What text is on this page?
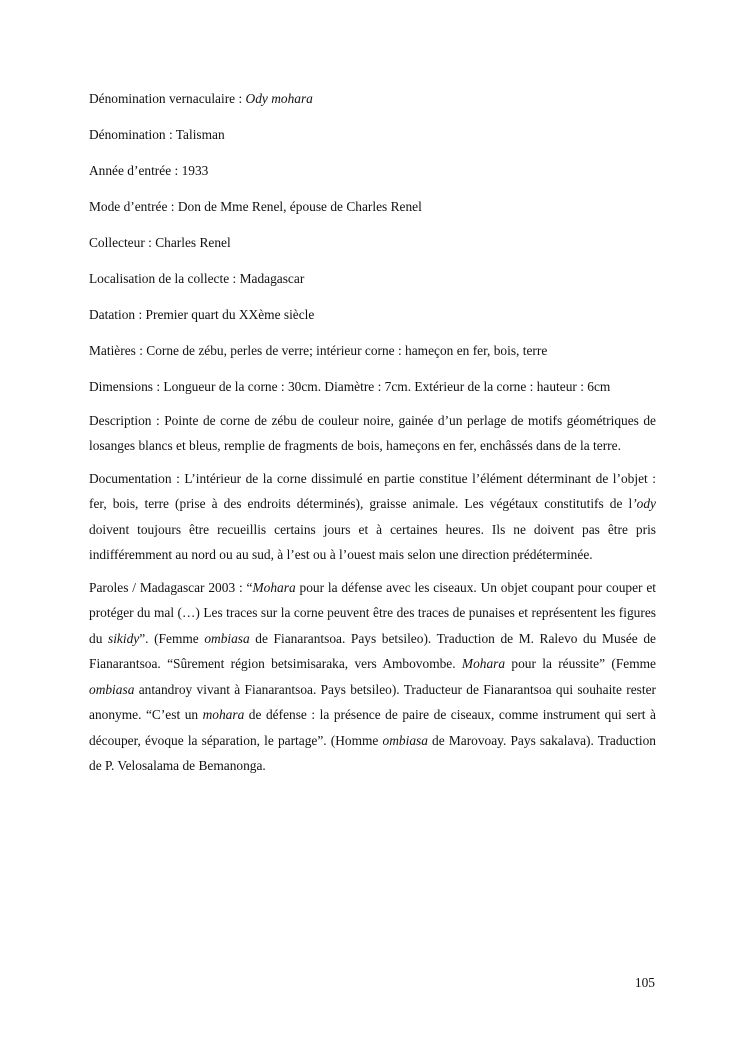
Dénomination vernaculaire : Ody mohara

Dénomination : Talisman

Année d’entrée : 1933

Mode d’entrée : Don de Mme Renel, épouse de Charles Renel

Collecteur : Charles Renel

Localisation de la collecte : Madagascar

Datation : Premier quart du XXème siècle

Matières : Corne de zébu, perles de verre; intérieur corne : hameçon en fer, bois, terre

Dimensions : Longueur de la corne : 30cm. Diamètre : 7cm. Extérieur de la corne : hauteur : 6cm

Description : Pointe de corne de zébu de couleur noire, gainée d’un perlage de motifs géométriques de losanges blancs et bleus, remplie de fragments de bois, hameçons en fer, enchâssés dans de la terre.

Documentation : L’intérieur de la corne dissimulé en partie constitue l’élément déterminant de l’objet : fer, bois, terre (prise à des endroits déterminés), graisse animale. Les végétaux constitutifs de l’ody doivent toujours être recueillis certains jours et à certaines heures. Ils ne doivent pas être pris indifféremment au nord ou au sud, à l’est ou à l’ouest mais selon une direction prédéterminée.

Paroles / Madagascar 2003 : “Mohara pour la défense avec les ciseaux. Un objet coupant pour couper et protéger du mal (…) Les traces sur la corne peuvent être des traces de punaises et représentent les figures du sikidy”. (Femme ombiasa de Fianarantsoa. Pays betsileo). Traduction de M. Ralevo du Musée de Fianarantsoa. “Sûrement région betsimisaraka, vers Ambovombe. Mohara pour la réussite” (Femme ombiasa antandroy vivant à Fianarantsoa. Pays betsileo). Traducteur de Fianarantsoa qui souhaite rester anonyme. “C’est un mohara de défense : la présence de paire de ciseaux, comme instrument qui sert à découper, évoque la séparation, le partage”. (Homme ombiasa de Marovoay. Pays sakalava). Traduction de P. Velosalama de Bemanonga.

105
